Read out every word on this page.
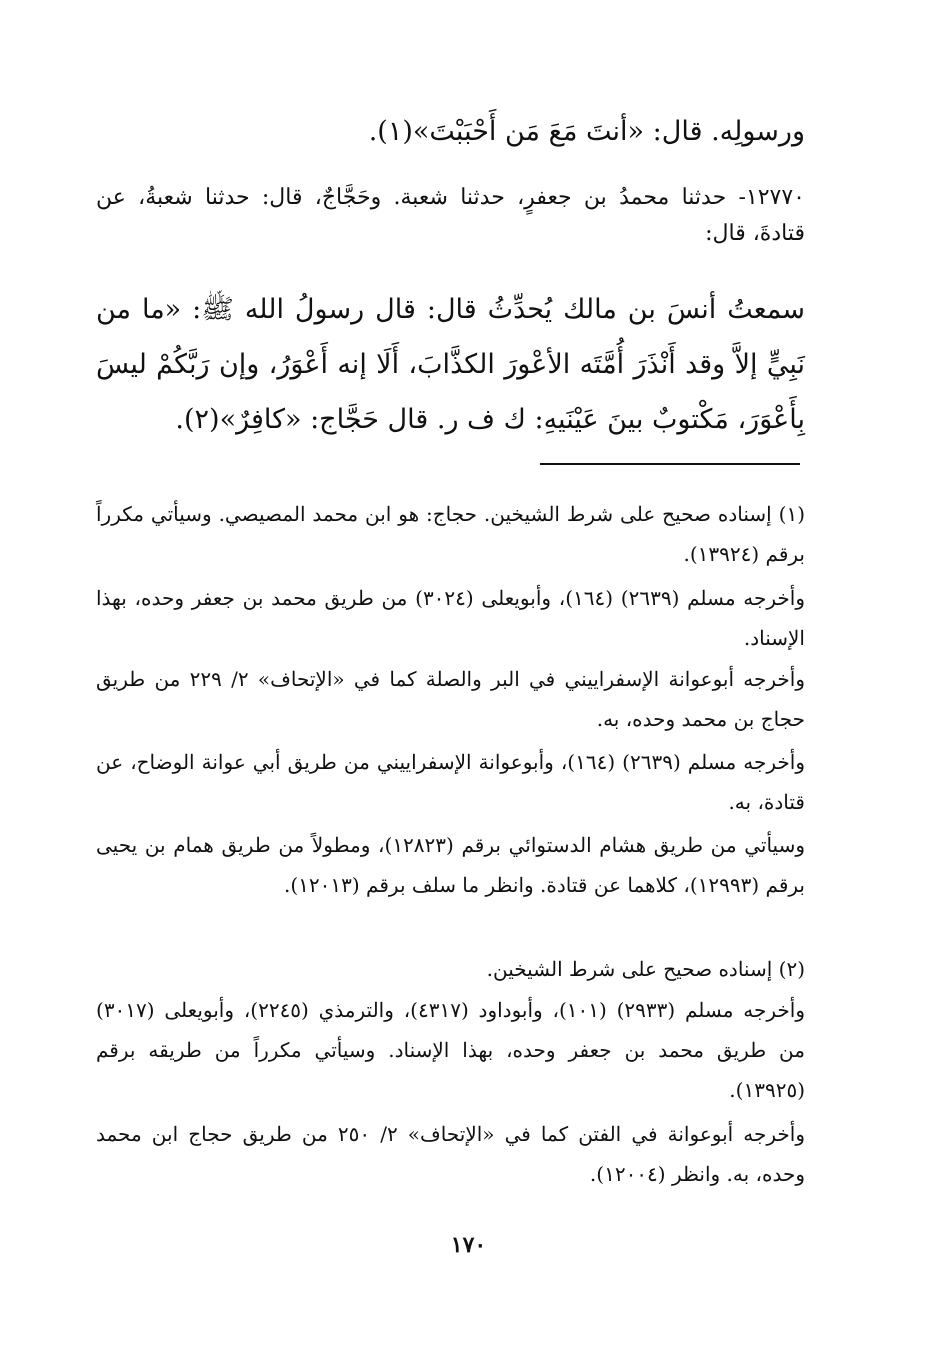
ورسولِه. قال: «أنتَ مَعَ مَن أَحْبَبْتَ»(١).

١٢٧٧٠- حدثنا محمدُ بن جعفرٍ، حدثنا شعبة. وحَجَّاجٌ، قال: حدثنا شعبةُ، عن قتادةَ، قال:

سمعتُ أنسَ بن مالك يُحدِّثُ قال: قال رسولُ الله ﷺ: «ما من نَبِيٍّ إلاَّ وقد أَنْذَرَ أُمَّتَه الأعْورَ الكذَّابَ، أَلَا إنه أَعْوَرُ، وإن رَبَّكُمْ ليسَ بِأَعْوَرَ، مَكْتوبٌ بينَ عَيْنَيهِ: ك ف ر. قال حَجَّاج: «كافِرٌ»(٢).

(١) إسناده صحيح على شرط الشيخين. حجاج: هو ابن محمد المصيصي. وسيأتي مكرراً برقم (١٣٩٢٤).

وأخرجه مسلم (٢٦٣٩) (١٦٤)، وأبويعلى (٣٠٢٤) من طريق محمد بن جعفر وحده، بهذا الإسناد.

وأخرجه أبوعوانة الإسفراييني في البر والصلة كما في «الإتحاف» ٢/ ٢٢٩ من طريق حجاج بن محمد وحده، به.

وأخرجه مسلم (٢٦٣٩) (١٦٤)، وأبوعوانة الإسفراييني من طريق أبي عوانة الوضاح، عن قتادة، به.

وسيأتي من طريق هشام الدستوائي برقم (١٢٨٢٣)، ومطولاً من طريق همام بن يحيى برقم (١٢٩٩٣)، كلاهما عن قتادة. وانظر ما سلف برقم (١٢٠١٣).

(٢) إسناده صحيح على شرط الشيخين.

وأخرجه مسلم (٢٩٣٣) (١٠١)، وأبوداود (٤٣١٧)، والترمذي (٢٢٤٥)، وأبويعلى (٣٠١٧) من طريق محمد بن جعفر وحده، بهذا الإسناد. وسيأتي مكرراً من طريقه برقم (١٣٩٢٥).

وأخرجه أبوعوانة في الفتن كما في «الإتحاف» ٢/ ٢٥٠ من طريق حجاج ابن محمد وحده، به. وانظر (١٢٠٠٤).

١٧٠
